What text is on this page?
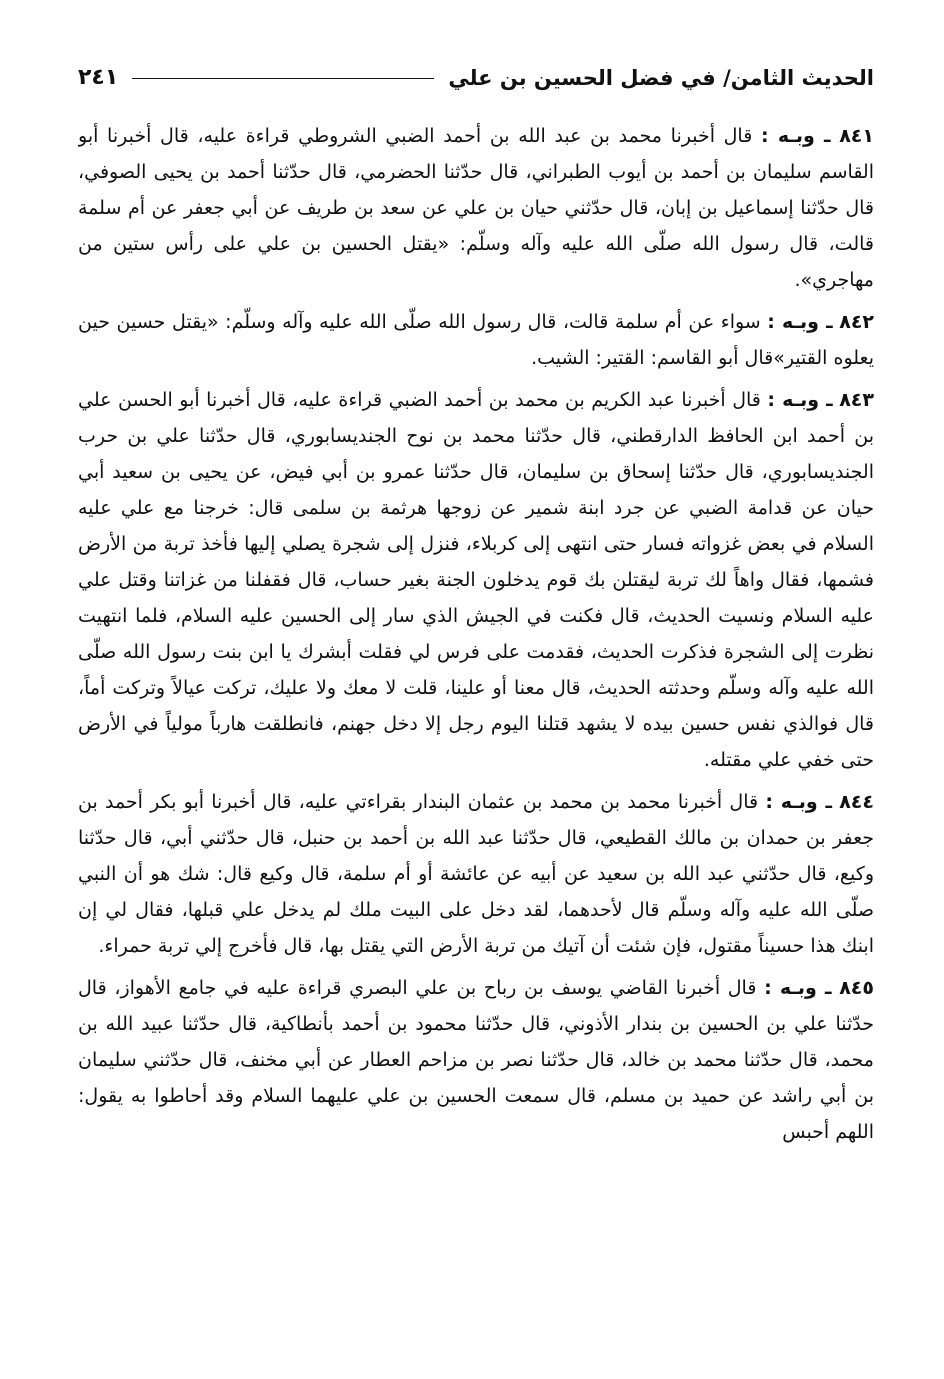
الحديث الثامن/ في فضل الحسين بن علي
٢٤١

٨٤١ ـ وبـه : قال أخبرنا محمد بن عبد الله بن أحمد الضبي الشروطي قراءة عليه، قال أخبرنا أبو القاسم سليمان بن أحمد بن أيوب الطبراني، قال حدّثنا الحضرمي، قال حدّثنا أحمد بن يحيى الصوفي، قال حدّثنا إسماعيل بن إبان، قال حدّثني حيان بن علي عن سعد بن طريف عن أبي جعفر عن أم سلمة قالت، قال رسول الله صلّى الله عليه وآله وسلّم: «يقتل الحسين بن علي على رأس ستين من مهاجري».

٨٤٢ ـ وبـه : سواء عن أم سلمة قالت، قال رسول الله صلّى الله عليه وآله وسلّم: «يقتل حسين حين يعلوه القتير»قال أبو القاسم: القتير: الشيب.

٨٤٣ ـ وبـه : قال أخبرنا عبد الكريم بن محمد بن أحمد الضبي قراءة عليه، قال أخبرنا أبو الحسن علي بن أحمد ابن الحافظ الدارقطني، قال حدّثنا محمد بن نوح الجنديسابوري، قال حدّثنا علي بن حرب الجنديسابوري، قال حدّثنا إسحاق بن سليمان، قال حدّثنا عمرو بن أبي فيض، عن يحيى بن سعيد أبي حيان عن قدامة الضبي عن جرد ابنة شمير عن زوجها هرثمة بن سلمى قال: خرجنا مع علي عليه السلام في بعض غزواته فسار حتى انتهى إلى كربلاء، فنزل إلى شجرة يصلي إليها فأخذ تربة من الأرض فشمها، فقال واهاً لك تربة ليقتلن بك قوم يدخلون الجنة بغير حساب، قال فقفلنا من غزاتنا وقتل علي عليه السلام ونسيت الحديث، قال فكنت في الجيش الذي سار إلى الحسين عليه السلام، فلما انتهيت نظرت إلى الشجرة فذكرت الحديث، فقدمت على فرس لي فقلت أبشرك يا ابن بنت رسول الله صلّى الله عليه وآله وسلّم وحدثته الحديث، قال معنا أو علينا، قلت لا معك ولا عليك، تركت عيالاً وتركت أماً، قال فوالذي نفس حسين بيده لا يشهد قتلنا اليوم رجل إلا دخل جهنم، فانطلقت هارباً مولياً في الأرض حتى خفي علي مقتله.

٨٤٤ ـ وبـه : قال أخبرنا محمد بن محمد بن عثمان البندار بقراءتي عليه، قال أخبرنا أبو بكر أحمد بن جعفر بن حمدان بن مالك القطيعي، قال حدّثنا عبد الله بن أحمد بن حنبل، قال حدّثني أبي، قال حدّثنا وكيع، قال حدّثني عبد الله بن سعيد عن أبيه عن عائشة أو أم سلمة، قال وكيع قال: شك هو أن النبي صلّى الله عليه وآله وسلّم قال لأحدهما، لقد دخل على البيت ملك لم يدخل علي قبلها، فقال لي إن ابنك هذا حسيناً مقتول، فإن شئت أن آتيك من تربة الأرض التي يقتل بها، قال فأخرج إلي تربة حمراء.

٨٤٥ ـ وبـه : قال أخبرنا القاضي يوسف بن رباح بن علي البصري قراءة عليه في جامع الأهواز، قال حدّثنا علي بن الحسين بن بندار الأذوني، قال حدّثنا محمود بن أحمد بأنطاكية، قال حدّثنا عبيد الله بن محمد، قال حدّثنا محمد بن خالد، قال حدّثنا نصر بن مزاحم العطار عن أبي مخنف، قال حدّثني سليمان بن أبي راشد عن حميد بن مسلم، قال سمعت الحسين بن علي عليهما السلام وقد أحاطوا به يقول: اللهم أحبس
